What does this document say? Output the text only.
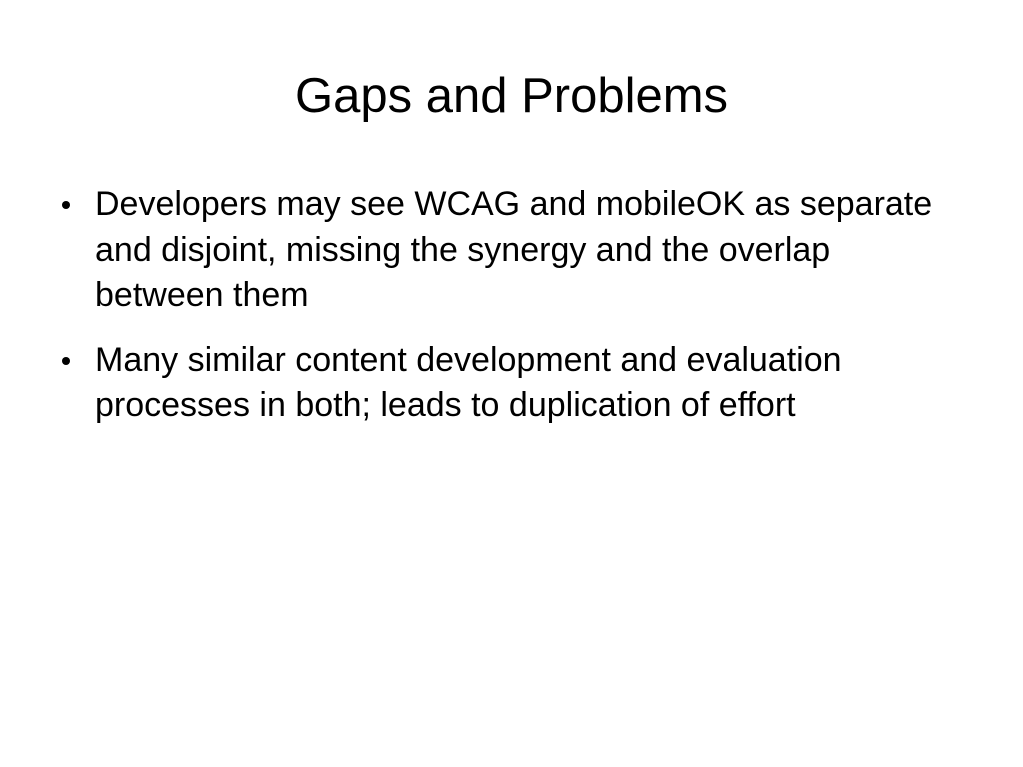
Gaps and Problems
Developers may see WCAG and mobileOK as separate and disjoint, missing the synergy and the overlap between them
Many similar content development and evaluation processes in both; leads to duplication of effort
